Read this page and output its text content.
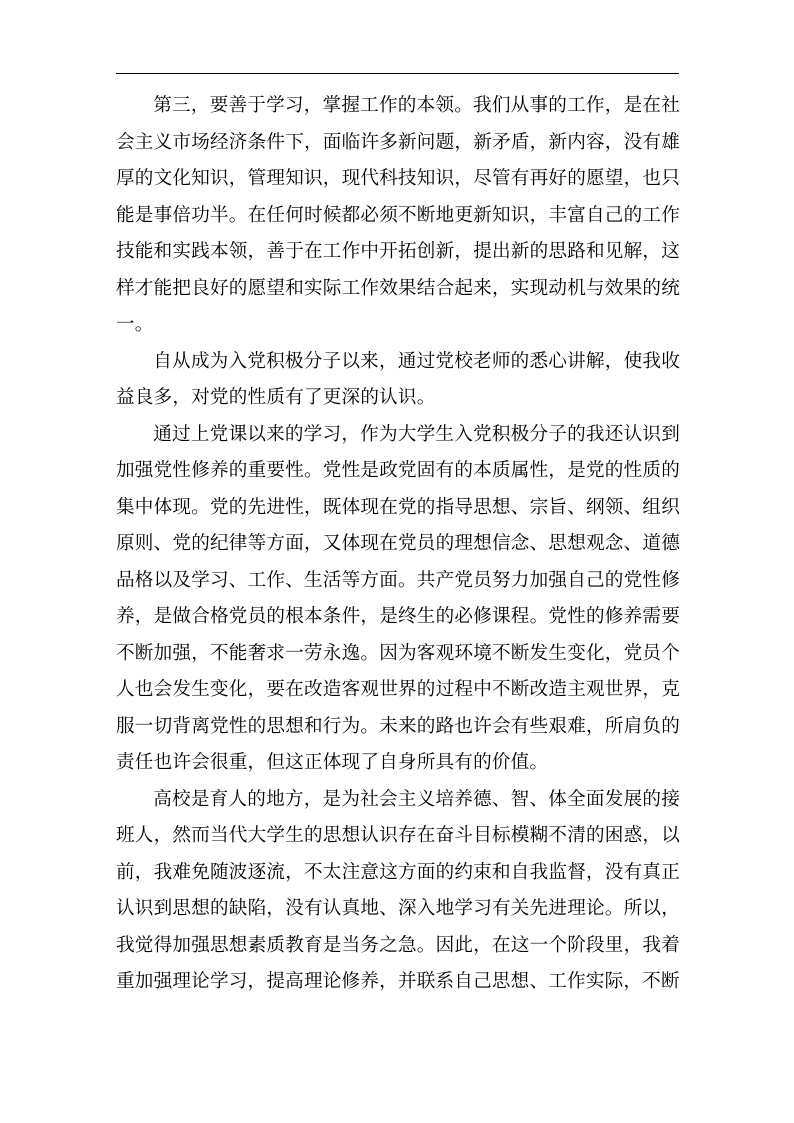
第三，要善于学习，掌握工作的本领。我们从事的工作，是在社会主义市场经济条件下，面临许多新问题，新矛盾，新内容，没有雄厚的文化知识，管理知识，现代科技知识，尽管有再好的愿望，也只能是事倍功半。在任何时候都必须不断地更新知识，丰富自己的工作技能和实践本领，善于在工作中开拓创新，提出新的思路和见解，这样才能把良好的愿望和实际工作效果结合起来，实现动机与效果的统一。

自从成为入党积极分子以来，通过党校老师的悉心讲解，使我收益良多，对党的性质有了更深的认识。

通过上党课以来的学习，作为大学生入党积极分子的我还认识到加强党性修养的重要性。党性是政党固有的本质属性，是党的性质的集中体现。党的先进性，既体现在党的指导思想、宗旨、纲领、组织原则、党的纪律等方面，又体现在党员的理想信念、思想观念、道德品格以及学习、工作、生活等方面。共产党员努力加强自己的党性修养，是做合格党员的根本条件，是终生的必修课程。党性的修养需要不断加强，不能奢求一劳永逸。因为客观环境不断发生变化，党员个人也会发生变化，要在改造客观世界的过程中不断改造主观世界，克服一切背离党性的思想和行为。未来的路也许会有些艰难，所肩负的责任也许会很重，但这正体现了自身所具有的价值。

高校是育人的地方，是为社会主义培养德、智、体全面发展的接班人，然而当代大学生的思想认识存在奋斗目标模糊不清的困惑，以前，我难免随波逐流，不太注意这方面的约束和自我监督，没有真正认识到思想的缺陷，没有认真地、深入地学习有关先进理论。所以，我觉得加强思想素质教育是当务之急。因此，在这一个阶段里，我着重加强理论学习，提高理论修养，并联系自己思想、工作实际，不断
